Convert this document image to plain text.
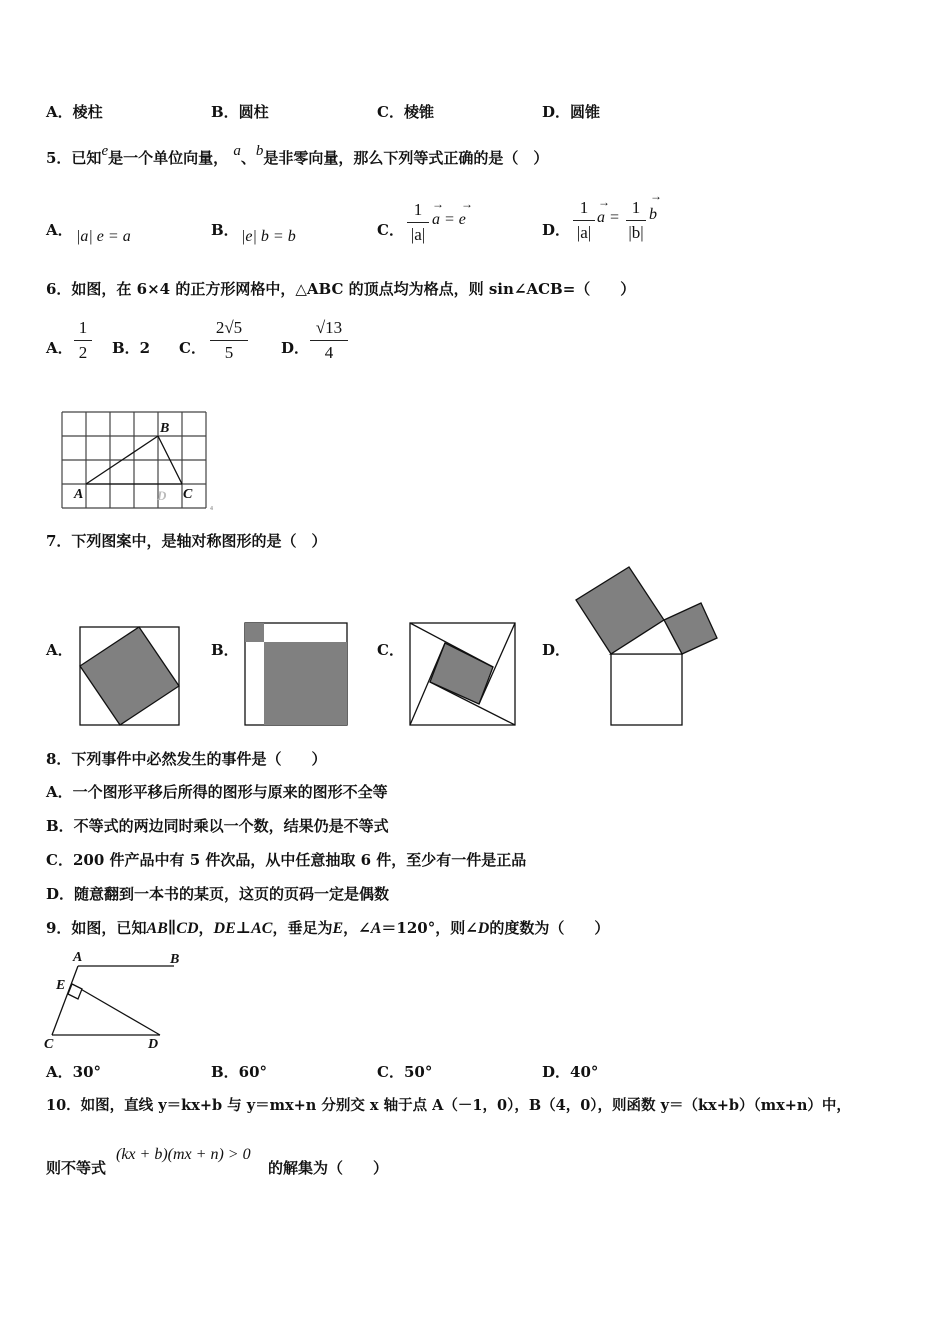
A．棱柱	B．圆柱	C．棱锥	D．圆锥
5．已知e是一个单位向量， a、b是非零向量，那么下列等式正确的是（　）
A． |a| e = a	B． |e| b = b	C．
1
|a|
→ →
a = e
D．
1
|a|
→
a =
1
|b|
→
b
6．如图，在 6×4 的正方形网格中，△ABC 的顶点均为格点，则 sin∠ACB=（　　）
A．
1
2	B．2 C．
2√5
5	D．
√13
4
A
B
C
D
4
7．下列图案中，是轴对称图形的是（　）
A．	B．	C．	D．
8．下列事件中必然发生的事件是（　　）
A．一个图形平移后所得的图形与原来的图形不全等
B．不等式的两边同时乘以一个数，结果仍是不等式
C．200 件产品中有 5 件次品，从中任意抽取 6 件，至少有一件是正品
D．随意翻到一本书的某页，这页的页码一定是偶数
9．如图，已知AB∥CD，DE⊥AC，垂足为E，∠A＝120°，则∠D的度数为（　　）
A	B
E
C	D
A．30°	B．60°	C．50°	D．40°
10．如图，直线 y＝kx+b 与 y＝mx+n 分别交 x 轴于点 A（－1，0），B（4，0），则函数 y＝（kx+b）（mx+n）中，
则不等式
(kx + b)(mx + n) > 0
的解集为（　　）
